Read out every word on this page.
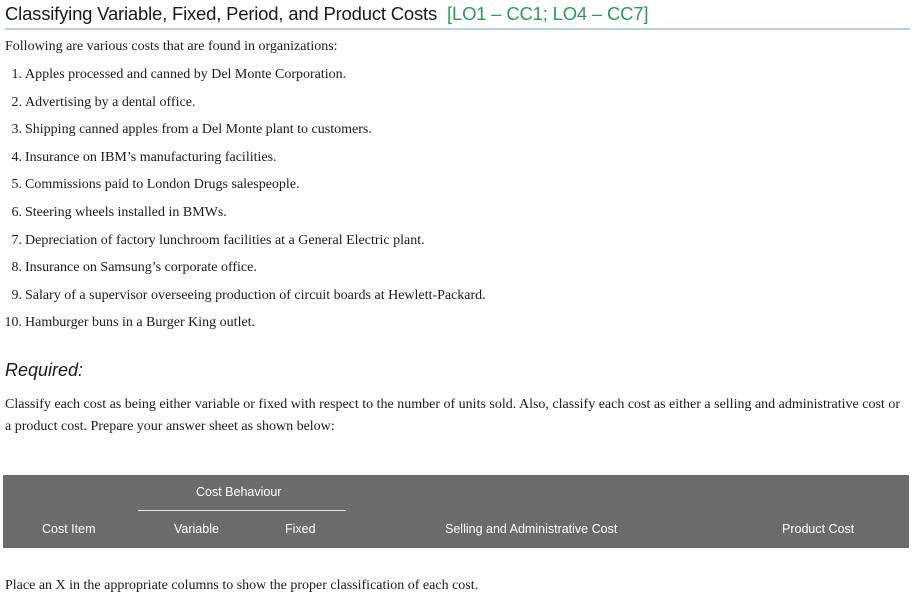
Classifying Variable, Fixed, Period, and Product Costs [LO1 – CC1; LO4 – CC7]
Following are various costs that are found in organizations:
1. Apples processed and canned by Del Monte Corporation.
2. Advertising by a dental office.
3. Shipping canned apples from a Del Monte plant to customers.
4. Insurance on IBM’s manufacturing facilities.
5. Commissions paid to London Drugs salespeople.
6. Steering wheels installed in BMWs.
7. Depreciation of factory lunchroom facilities at a General Electric plant.
8. Insurance on Samsung’s corporate office.
9. Salary of a supervisor overseeing production of circuit boards at Hewlett-Packard.
10. Hamburger buns in a Burger King outlet.
Required:
Classify each cost as being either variable or fixed with respect to the number of units sold. Also, classify each cost as either a selling and administrative cost or a product cost. Prepare your answer sheet as shown below:
Cost Behaviour
Cost Item	Variable	Fixed	Selling and Administrative Cost	Product Cost
Place an X in the appropriate columns to show the proper classification of each cost.
